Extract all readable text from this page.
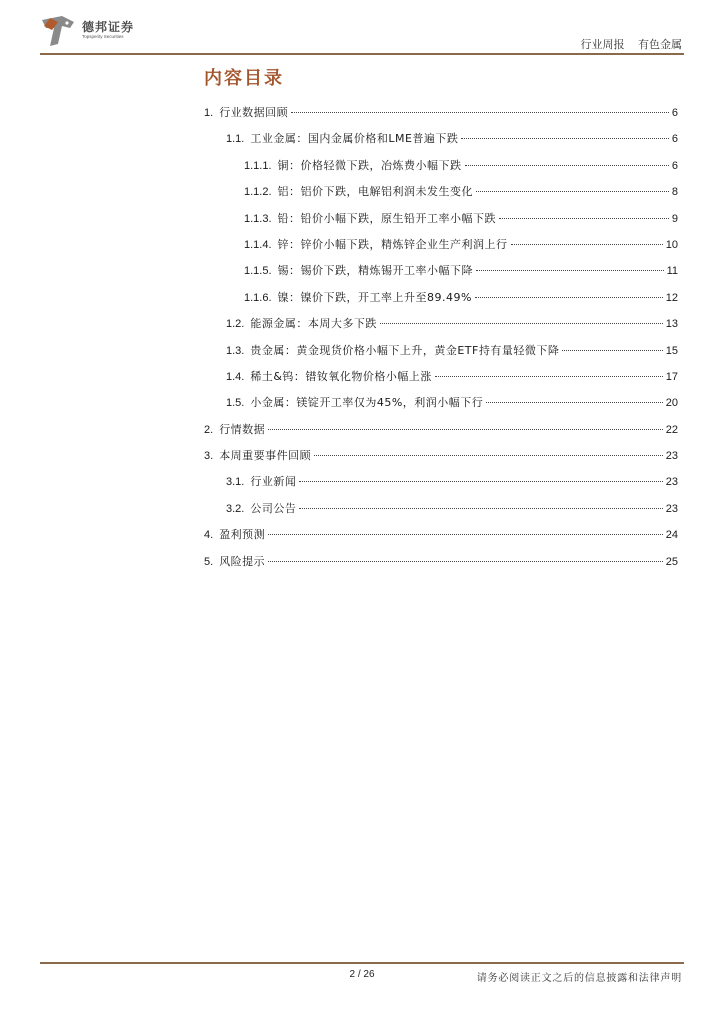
德邦证券
Topsperity Securities
行业周报 有色金属
内容目录
1. 行业数据回顾	6
1.1. 工业金属：国内金属价格和LME普遍下跌	6
1.1.1. 铜：价格轻微下跌，冶炼费小幅下跌	6
1.1.2. 铝：铝价下跌，电解铝利润未发生变化	8
1.1.3. 铅：铅价小幅下跌，原生铅开工率小幅下跌	9
1.1.4. 锌：锌价小幅下跌，精炼锌企业生产利润上行	10
1.1.5. 锡：锡价下跌，精炼锡开工率小幅下降	11
1.1.6. 镍：镍价下跌，开工率上升至89.49%	12
1.2. 能源金属：本周大多下跌	13
1.3. 贵金属：黄金现货价格小幅下上升，黄金ETF持有量轻微下降	15
1.4. 稀土&钨：镨钕氧化物价格小幅上涨	17
1.5. 小金属：镁锭开工率仅为45%，利润小幅下行	20
2. 行情数据	22
3. 本周重要事件回顾	23
3.1. 行业新闻	23
3.2. 公司公告	23
4. 盈利预测	24
5. 风险提示	25
2 / 26	请务必阅读正文之后的信息披露和法律声明
